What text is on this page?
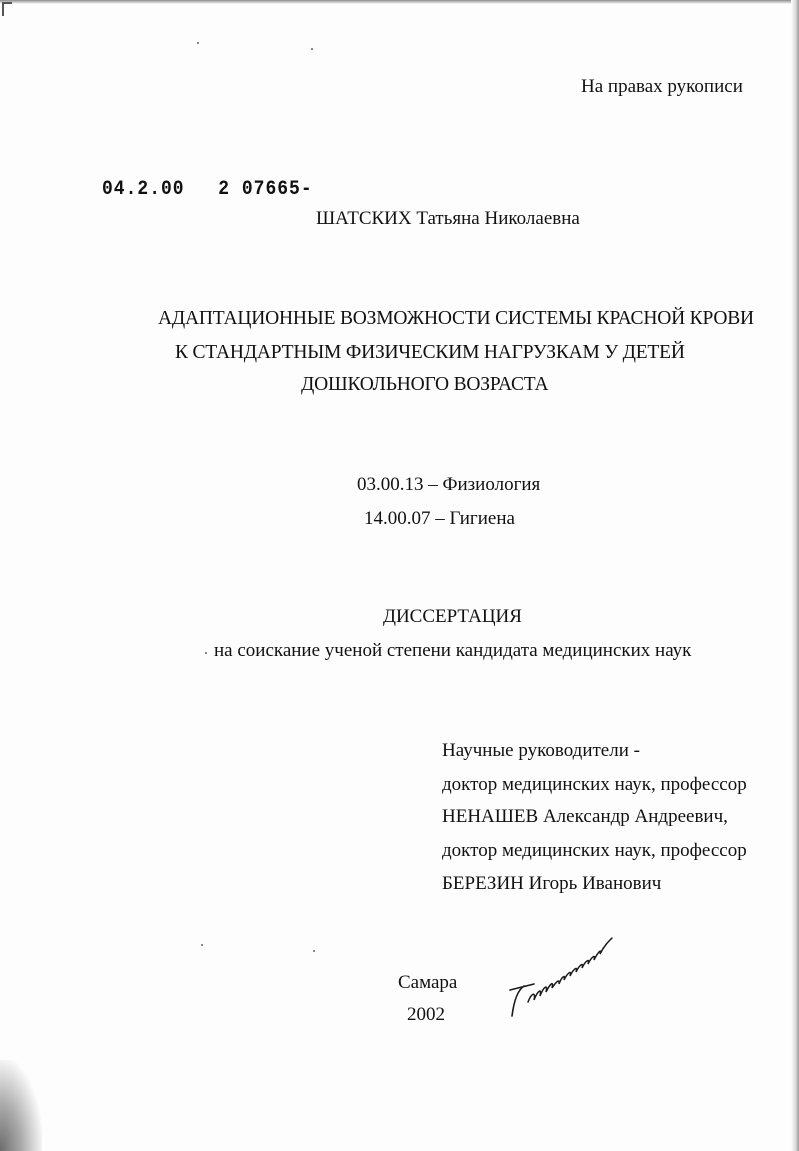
На правах рукописи
04.2.00 2 07665‑
ШАТСКИХ Татьяна Николаевна
АДАПТАЦИОННЫЕ ВОЗМОЖНОСТИ СИСТЕМЫ КРАСНОЙ КРОВИ
К СТАНДАРТНЫМ ФИЗИЧЕСКИМ НАГРУЗКАМ У ДЕТЕЙ
ДОШКОЛЬНОГО ВОЗРАСТА
03.00.13 – Физиология
14.00.07 – Гигиена
ДИССЕРТАЦИЯ
на соискание ученой степени кандидата медицинских наук
Научные руководители -
доктор медицинских наук, профессор
НЕНАШЕВ Александр Андреевич,
доктор медицинских наук, профессор
БЕРЕЗИН Игорь Иванович
Самара
2002
